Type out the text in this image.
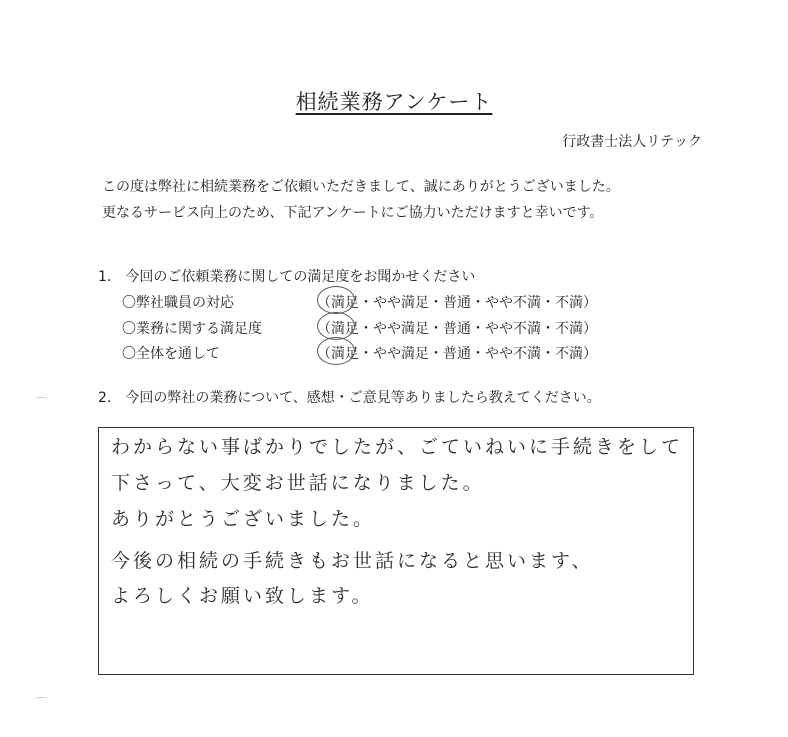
相続業務アンケート
行政書士法人リテック
この度は弊社に相続業務をご依頼いただきまして、誠にありがとうございました。
更なるサービス向上のため、下記アンケートにご協力いただけますと幸いです。
1.　今回のご依頼業務に関しての満足度をお聞かせください
〇弊社職員の対応	（満足・やや満足・普通・やや不満・不満）
〇業務に関する満足度	（満足・やや満足・普通・やや不満・不満）
〇全体を通して	（満足・やや満足・普通・やや不満・不満）
2.　今回の弊社の業務について、感想・ご意見等ありましたら教えてください。
わからない事ばかりでしたが、ごていねいに手続きをして
下さって、大変お世話になりました。
ありがとうございました。
今後の相続の手続きもお世話になると思います、
よろしくお願い致します。
